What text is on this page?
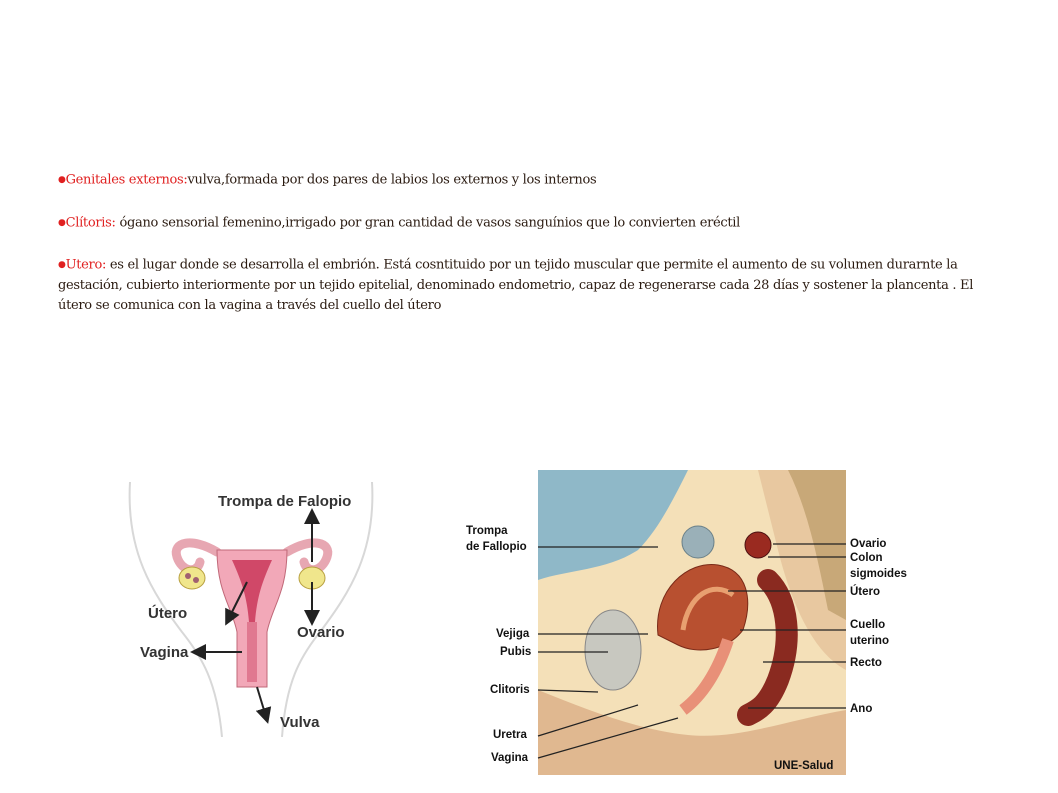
●Genitales externos:vulva,formada por dos pares de labios los externos y los internos

●Clítoris: ógano sensorial femenino,irrigado por gran cantidad de vasos sanguínios que lo convierten eréctil

●Utero: es el lugar donde se desarrolla el embrión. Está cosntituido por un tejido muscular que permite el aumento de su volumen durarnte la gestación, cubierto interiormente por un tejido epitelial, denominado endometrio, capaz de regenerarse cada 28 días y sostener la plancenta . El útero se comunica con la vagina a través del cuello del útero

Trompa de Falopio
Útero
Ovario
Vagina
Vulva
Trompa
de Fallopio
Vejiga
Pubis
Clitoris
Uretra
Vagina
Ovario
Colon
sigmoides
Útero
Cuello
uterino
Recto
Ano
UNE-Salud
